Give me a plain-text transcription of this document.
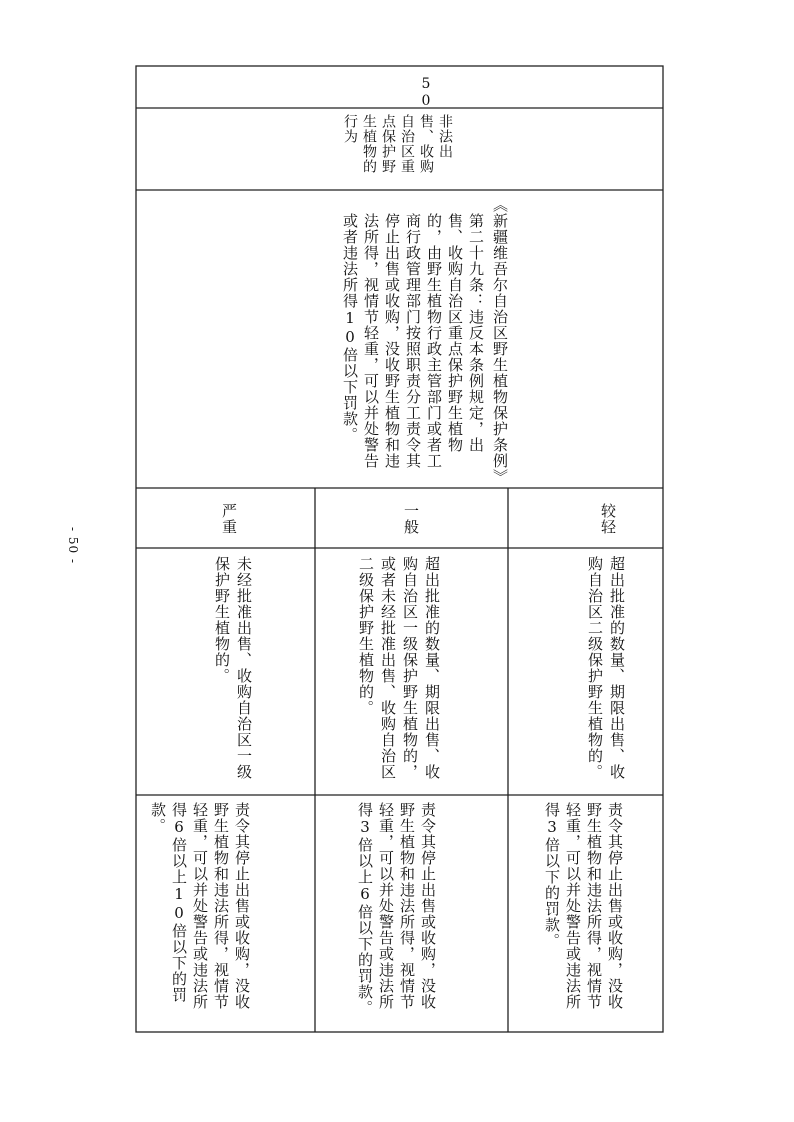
- 50 -
50
非法出售、收购自治区重点保护野生植物的行为
《新疆维吾尔自治区野生植物保护条例》
第二十九条：违反本条例规定，出售、收购自治区重点保护野生植物的，由野生植物行政主管部门或者工商行政管理部门按照职责分工责令其停止出售或收购，没收野生植物和违法所得，视情节轻重，可以并处警告或者违法所得10倍以下罚款。
较轻
一般
严重
超出批准的数量、期限出售、收购自治区二级保护野生植物的。
超出批准的数量、期限出售、收购自治区一级保护野生植物的，或者未经批准出售、收购自治区二级保护野生植物的。
未经批准出售、收购自治区一级保护野生植物的。
责令其停止出售或收购，没收野生植物和违法所得，视情节轻重，可以并处警告或违法所得3倍以下的罚款。
责令其停止出售或收购，没收野生植物和违法所得，视情节轻重，可以并处警告或违法所得3倍以上6倍以下的罚款。
责令其停止出售或收购，没收野生植物和违法所得，视情节轻重，可以并处警告或违法所得6倍以上10倍以下的罚款。
